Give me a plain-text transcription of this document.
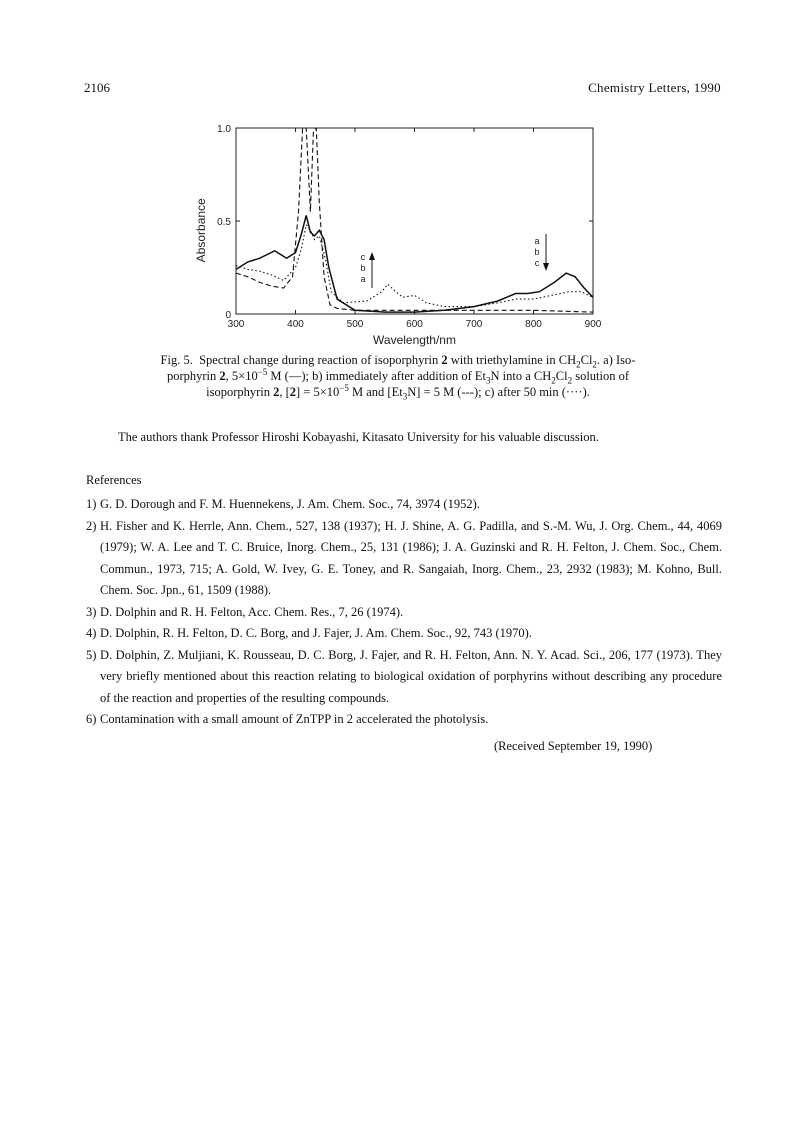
2106	Chemistry Letters, 1990
Absorbance
Wavelength/nm
300	400	500	600	700	800	900
0
0.5
1.0
c
b
a
a
b
c
Fig. 5. Spectral change during reaction of isoporphyrin 2 with triethylamine in $CH_2Cl_2$. a) Iso-porphyrin 2, $5\times 10^{-5}$ M (—); b) immediately after addition of $Et_3N$ into a $CH_2Cl_2$ solution of isoporphyrin 2, $[2] = 5\times 10^{-5}$ M and $[Et_3N] = 5$ M (---); c) after 50 min (····).
The authors thank Professor Hiroshi Kobayashi, Kitasato University for his valuable discussion.
References
1) G. D. Dorough and F. M. Huennekens, J. Am. Chem. Soc., 74, 3974 (1952).
2) H. Fisher and K. Herrle, Ann. Chem., 527, 138 (1937); H. J. Shine, A. G. Padilla, and S.-M. Wu, J. Org. Chem., 44, 4069 (1979); W. A. Lee and T. C. Bruice, Inorg. Chem., 25, 131 (1986); J. A. Guzinski and R. H. Felton, J. Chem. Soc., Chem. Commun., 1973, 715; A. Gold, W. Ivey, G. E. Toney, and R. Sangaiah, Inorg. Chem., 23, 2932 (1983); M. Kohno, Bull. Chem. Soc. Jpn., 61, 1509 (1988).
3) D. Dolphin and R. H. Felton, Acc. Chem. Res., 7, 26 (1974).
4) D. Dolphin, R. H. Felton, D. C. Borg, and J. Fajer, J. Am. Chem. Soc., 92, 743 (1970).
5) D. Dolphin, Z. Muljiani, K. Rousseau, D. C. Borg, J. Fajer, and R. H. Felton, Ann. N. Y. Acad. Sci., 206, 177 (1973). They very briefly mentioned about this reaction relating to biological oxidation of porphyrins without describing any procedure of the reaction and properties of the resulting compounds.
6) Contamination with a small amount of ZnTPP in 2 accelerated the photolysis.
(Received September 19, 1990)
